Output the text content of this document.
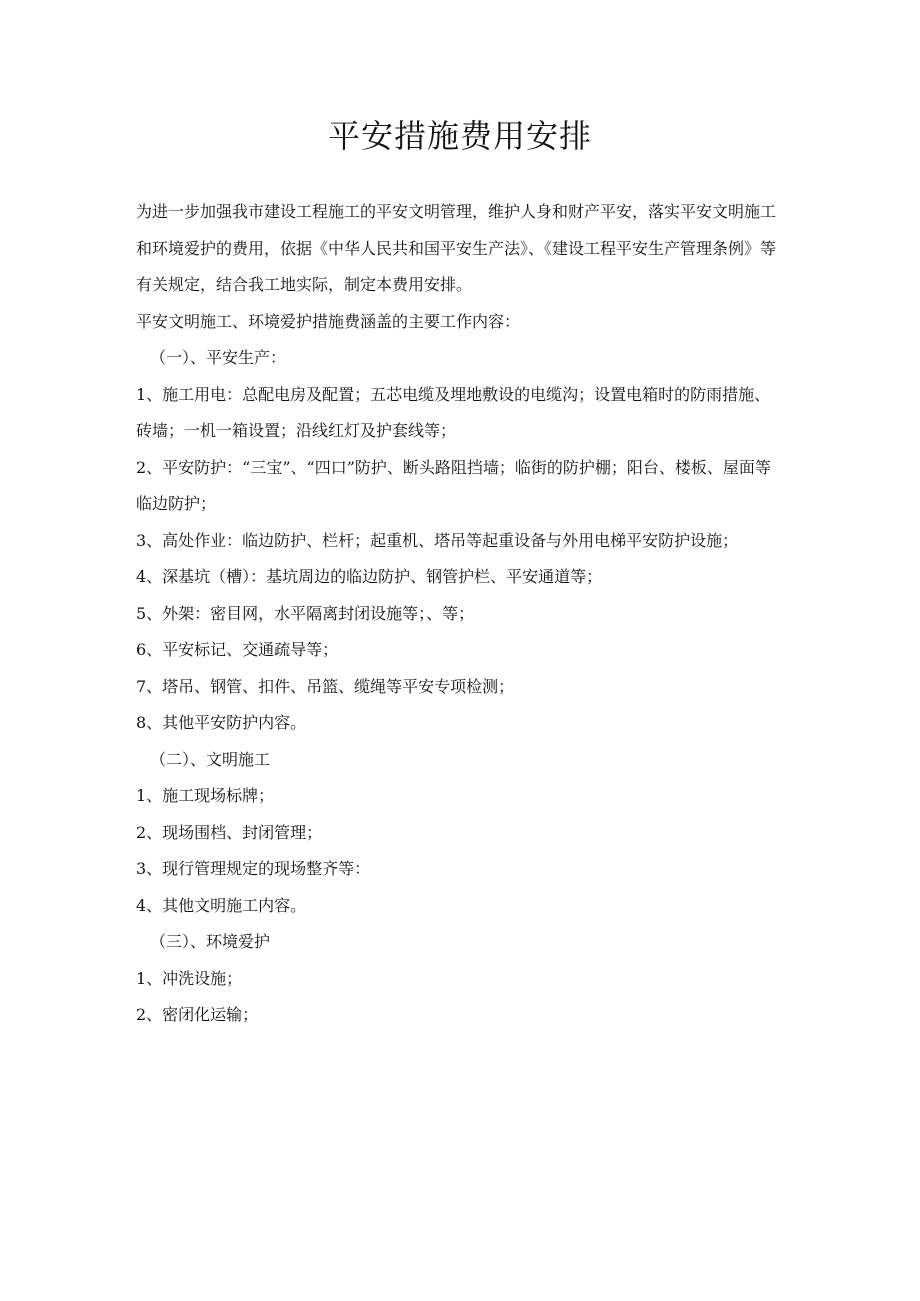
平安措施费用安排

为进一步加强我市建设工程施工的平安文明管理，维护人身和财产平安，落实平安文明施工和环境爱护的费用，依据《中华人民共和国平安生产法》、《建设工程平安生产管理条例》等有关规定，结合我工地实际，制定本费用安排。

平安文明施工、环境爱护措施费涵盖的主要工作内容：

（一）、平安生产：

1、施工用电：总配电房及配置；五芯电缆及埋地敷设的电缆沟；设置电箱时的防雨措施、砖墙；一机一箱设置；沿线红灯及护套线等；

2、平安防护：“三宝”、“四口”防护、断头路阻挡墙；临街的防护棚；阳台、楼板、屋面等临边防护；

3、高处作业：临边防护、栏杆；起重机、塔吊等起重设备与外用电梯平安防护设施；

4、深基坑（槽）：基坑周边的临边防护、钢管护栏、平安通道等；

5、外架：密目网，水平隔离封闭设施等；、等；

6、平安标记、交通疏导等；

7、塔吊、钢管、扣件、吊篮、缆绳等平安专项检测；

8、其他平安防护内容。

（二）、文明施工

1、施工现场标牌；

2、现场围档、封闭管理；

3、现行管理规定的现场整齐等：

4、其他文明施工内容。

（三）、环境爱护

1、冲洗设施；

2、密闭化运输；
